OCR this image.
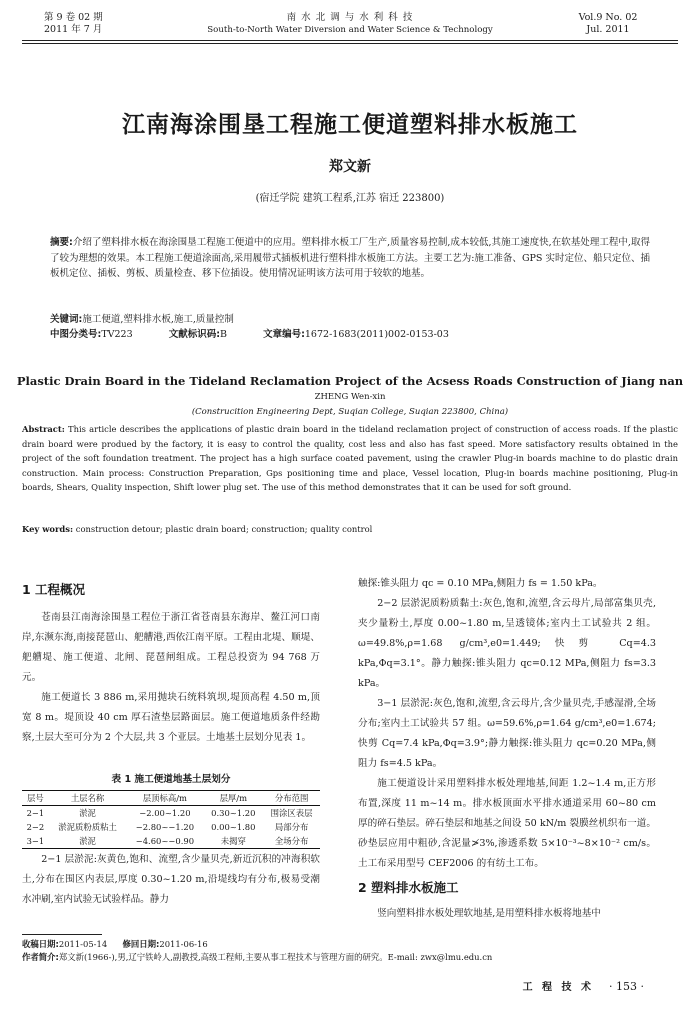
第 9 卷 02 期
2011 年 7 月
南 水 北 调 与 水 利 科 技
South-to-North Water Diversion and Water Science & Technology
Vol.9 No. 02
Jul. 2011
江南海涂围垦工程施工便道塑料排水板施工
郑文新
(宿迁学院 建筑工程系,江苏 宿迁 223800)
摘要:介绍了塑料排水板在海涂围垦工程施工便道中的应用。塑料排水板工厂生产,质量容易控制,成本较低,其施工速度快,在软基处理工程中,取得了较为理想的效果。本工程施工便道涂面高,采用履带式插板机进行塑料排水板施工方法。主要工艺为:施工准备、GPS 实时定位、船只定位、插板机定位、插板、剪板、质量检查、移下位插设。使用情况证明该方法可用于较软的地基。
关键词:施工便道,塑料排水板,施工,质量控制
中图分类号:TV223	文献标识码:B	文章编号:1672-1683(2011)002-0153-03
Plastic Drain Board in the Tideland Reclamation Project of the Acsess Roads Construction of Jiang nan
ZHENG Wen-xin
(Construcition Engineering Dept, Suqian College, Suqian 223800, China)
Abstract: This article describes the applications of plastic drain board in the tideland reclamation project of construction of access roads. If the plastic drain board were produed by the factory, it is easy to control the quality, cost less and also has fast speed. More satisfactory results obtained in the project of the soft foundation treatment. The project has a high surface coated pavement, using the crawler Plug-in boards machine to do plastic drain construction. Main process: Construction Preparation, Gps positioning time and place, Vessel location, Plug-in boards machine positioning, Plug-in boards, Shears, Quality inspection, Shift lower plug set. The use of this method demonstrates that it can be used for soft ground.
Key words: construction detour; plastic drain board; construction; quality control
1 工程概况
苍南县江南海涂围垦工程位于浙江省苍南县东海岸、鳌江河口南岸,东濒东海,南接琵琶山、舥艚港,西依江南平原。工程由北堤、顺堤、舥艚堤、施工便道、北闸、琵琶闸组成。工程总投资为 94 768 万元。
施工便道长 3 886 m,采用抛块石统料筑坝,堤顶高程 4.50 m,顶宽 8 m。堤顶设 40 cm 厚石渣垫层路面层。施工便道地质条件经勘察,土层大至可分为 2 个大层,共 3 个亚层。土地基土层划分见表 1。
表 1 施工便道地基土层划分
层号	土层名称	层顶标高/m	层厚/m	分布范围
2−1	淤泥	−2.00~1.20	0.30~1.20	围涂区表层
2−2	淤泥质粉质粘土	−2.80~−1.20	0.00~1.80	局部分布
3−1	淤泥	−4.60~−0.90	未揭穿	全场分布
2−1 层淤泥:灰黄色,饱和、流塑,含少量贝壳,新近沉积的冲海积软土,分布在围区内表层,厚度 0.30~1.20 m,沿堤线均有分布,极易受潮水冲刷,室内试验无试验样品。静力
触探:锥头阻力 qc = 0.10 MPa,侧阻力 fs = 1.50 kPa。
2−2 层淤泥质粉质黏土:灰色,饱和,流塑,含云母片,局部富集贝壳,夹少量粉土,厚度 0.00~1.80 m,呈透镜体;室内土工试验共 2 组。ω=49.8%,ρ=1.68 g/cm³,e0=1.449;快剪 Cq=4.3 kPa,Φq=3.1°。静力触探:锥头阻力 qc=0.12 MPa,侧阻力 fs=3.3 kPa。
3−1 层淤泥:灰色,饱和,流塑,含云母片,含少量贝壳,手感湿滑,全场分布;室内土工试验共 57 组。ω=59.6%,ρ=1.64 g/cm³,e0=1.674;快剪 Cq=7.4 kPa,Φq=3.9°;静力触探:锥头阻力 qc=0.20 MPa,侧阻力 fs=4.5 kPa。
施工便道设计采用塑料排水板处理地基,间距 1.2~1.4 m,正方形布置,深度 11 m~14 m。排水板顶面水平排水通道采用 60~80 cm 厚的碎石垫层。碎石垫层和地基之间设 50 kN/m 裂膜丝机织布一道。砂垫层应用中粗砂,含泥量≯3%,渗透系数 5×10⁻³~8×10⁻² cm/s。土工布采用型号 CEF2006 的有纺土工布。
2 塑料排水板施工
竖向塑料排水板处理软地基,是用塑料排水板将地基中
收稿日期:2011-05-14 修回日期:2011-06-16
作者简介:郑文新(1966-),男,辽宁铁岭人,副教授,高级工程师,主要从事工程技术与管理方面的研究。E-mail: zwx@lmu.edu.cn
工 程 技 术 · 153 ·
